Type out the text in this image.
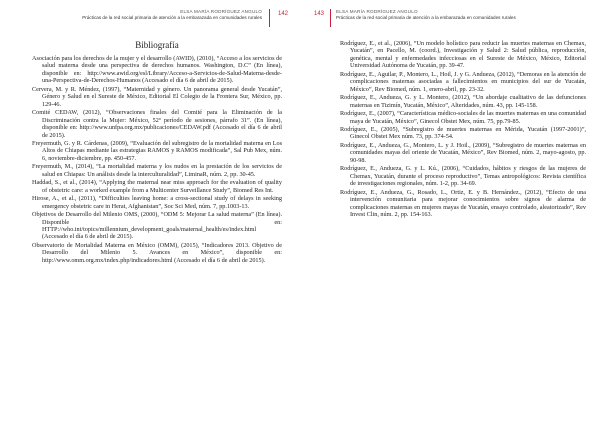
ELSA MARÍA RODRÍGUEZ ANGULO
Prácticas de la red social primaria de atención a la embarazada en comunidades rurales
142
Bibliografía

Asociación para los derechos de la mujer y el desarrollo (AWID), (2010), “Acceso a los servicios de salud materna desde una perspectiva de derechos humanos. Washington, D.C” (En línea), disponible en: http://www.awid.org/esl/Library/Acceso-a-Servicios-de-Salud-Materna-desde-una-Perspectiva-de-Derechos-Humanos (Accesado el día 6 de abril de 2015).

Cervera, M. y R. Méndez, (1997), “Maternidad y género. Un panorama general desde Yucatán”, Género y Salud en el Sureste de México, Editorial El Colegio de la Frontera Sur, México, pp. 129-46.

Comité CEDAW, (2012), “Observaciones finales del Comité para la Eliminación de la Discriminación contra la Mujer: México, 52º período de sesiones, párrafo 31”. (En línea), disponible en: http://www.unfpa.org.mx/publicaciones/CEDAW.pdf (Accesado el día 6 de abril de 2015).

Freyermuth, G. y R. Cárdenas, (2009), “Evaluación del subregistro de la mortalidad materna en Los Altos de Chiapas mediante las estrategias RAMOS y RAMOS modificada”, Sal Pub Mex, núm. 6, noviembre-diciembre, pp. 450-457.

Freyermuth, M., (2014), “La mortalidad materna y los nudos en la prestación de los servicios de salud en Chiapas: Un análisis desde la interculturalidad”, LiminaR, núm. 2, pp. 30-45.

Haddad, S., et al., (2014), “Applying the maternal near miss approach for the evaluation of quality of obstetric care: a worked example from a Multicenter Surveillance Study”, Biomed Res Int.

Hirose, A., et al., (2011), “Difficulties leaving home: a cross-sectional study of delays in seeking emergency obstetric care in Herat, Afghanistan”, Soc Sci Med, núm. 7, pp.1003-13.

Objetivos de Desarrollo del Milenio OMS, (2000), “ODM 5: Mejorar La salud materna” (En línea). Disponible en: HTTP://who.int/topics/millennium_development_goals/maternal_health/es/index.html (Accesado el día 6 de abril de 2015).

Observatorio de Mortalidad Materna en México (OMM), (2015), “Indicadores 2013. Objetivo de Desarrollo del Milenio 5. Avances en México”, disponible en: http://www.omm.org.mx/index.php/indicadores.html (Accesado el día 6 de abril de 2015).

143	ELSA MARÍA RODRÍGUEZ ANGULO
Prácticas de la red social primaria de atención a la embarazada en comunidades rurales

Rodríguez, E., et al., (2006), “Un modelo holístico para reducir las muertes maternas en Chemax, Yucatán”, en Pacello, M. (coord.), Investigación y Salud 2: Salud pública, reproducción, genética, mental y enfermedades infecciosas en el Sureste de México, México, Editorial Universidad Autónoma de Yucatán, pp. 39-47.

Rodríguez, E., Aguilar, P., Montero, L., Hoil, J. y G. Andueza, (2012), “Demoras en la atención de complicaciones maternas asociadas a fallecimientos en municipios del sur de Yucatán, México”, Rev Biomed, núm. 1, enero-abril, pp. 23-32.

Rodríguez, E., Andueza, G. y L. Montero, (2012), “Un abordaje cualitativo de las defunciones maternas en Tizimín, Yucatán, México”, Alteridades, núm. 43, pp. 145-158.

Rodríguez, E., (2007), “Características médico-sociales de las muertes maternas en una comunidad maya de Yucatán, México”, Ginecol Obstet Mex, núm. 75, pp.79-85.

Rodríguez, E., (2005), “Subregistro de muertes maternas en Mérida, Yucatán (1997-2001)”, Ginecol Obstet Mex núm. 73, pp. 374-54.

Rodríguez, E., Andueza, G., Montero, L. y J. Hoil., (2009), “Subregistro de muertes maternas en comunidades mayas del oriente de Yucatán, México”, Rev Biomed, núm. 2, mayo-agosto, pp. 90-98.

Rodríguez, E., Andueza, G. y L. Kú., (2006), “Cuidados, hábitos y riesgos de las mujeres de Chemax, Yucatán, durante el proceso reproductivo”, Temas antropológicos: Revista científica de investigaciones regionales, núm. 1-2, pp. 34-69.

Rodríguez, E., Andueza, G., Rosado, L., Ortiz, E. y B. Hernández., (2012), “Efecto de una intervención comunitaria para mejorar conocimientos sobre signos de alarma de complicaciones maternas en mujeres mayas de Yucatán, ensayo controlado, aleatorizado”, Rev Invest Clin, núm. 2, pp. 154-163.
